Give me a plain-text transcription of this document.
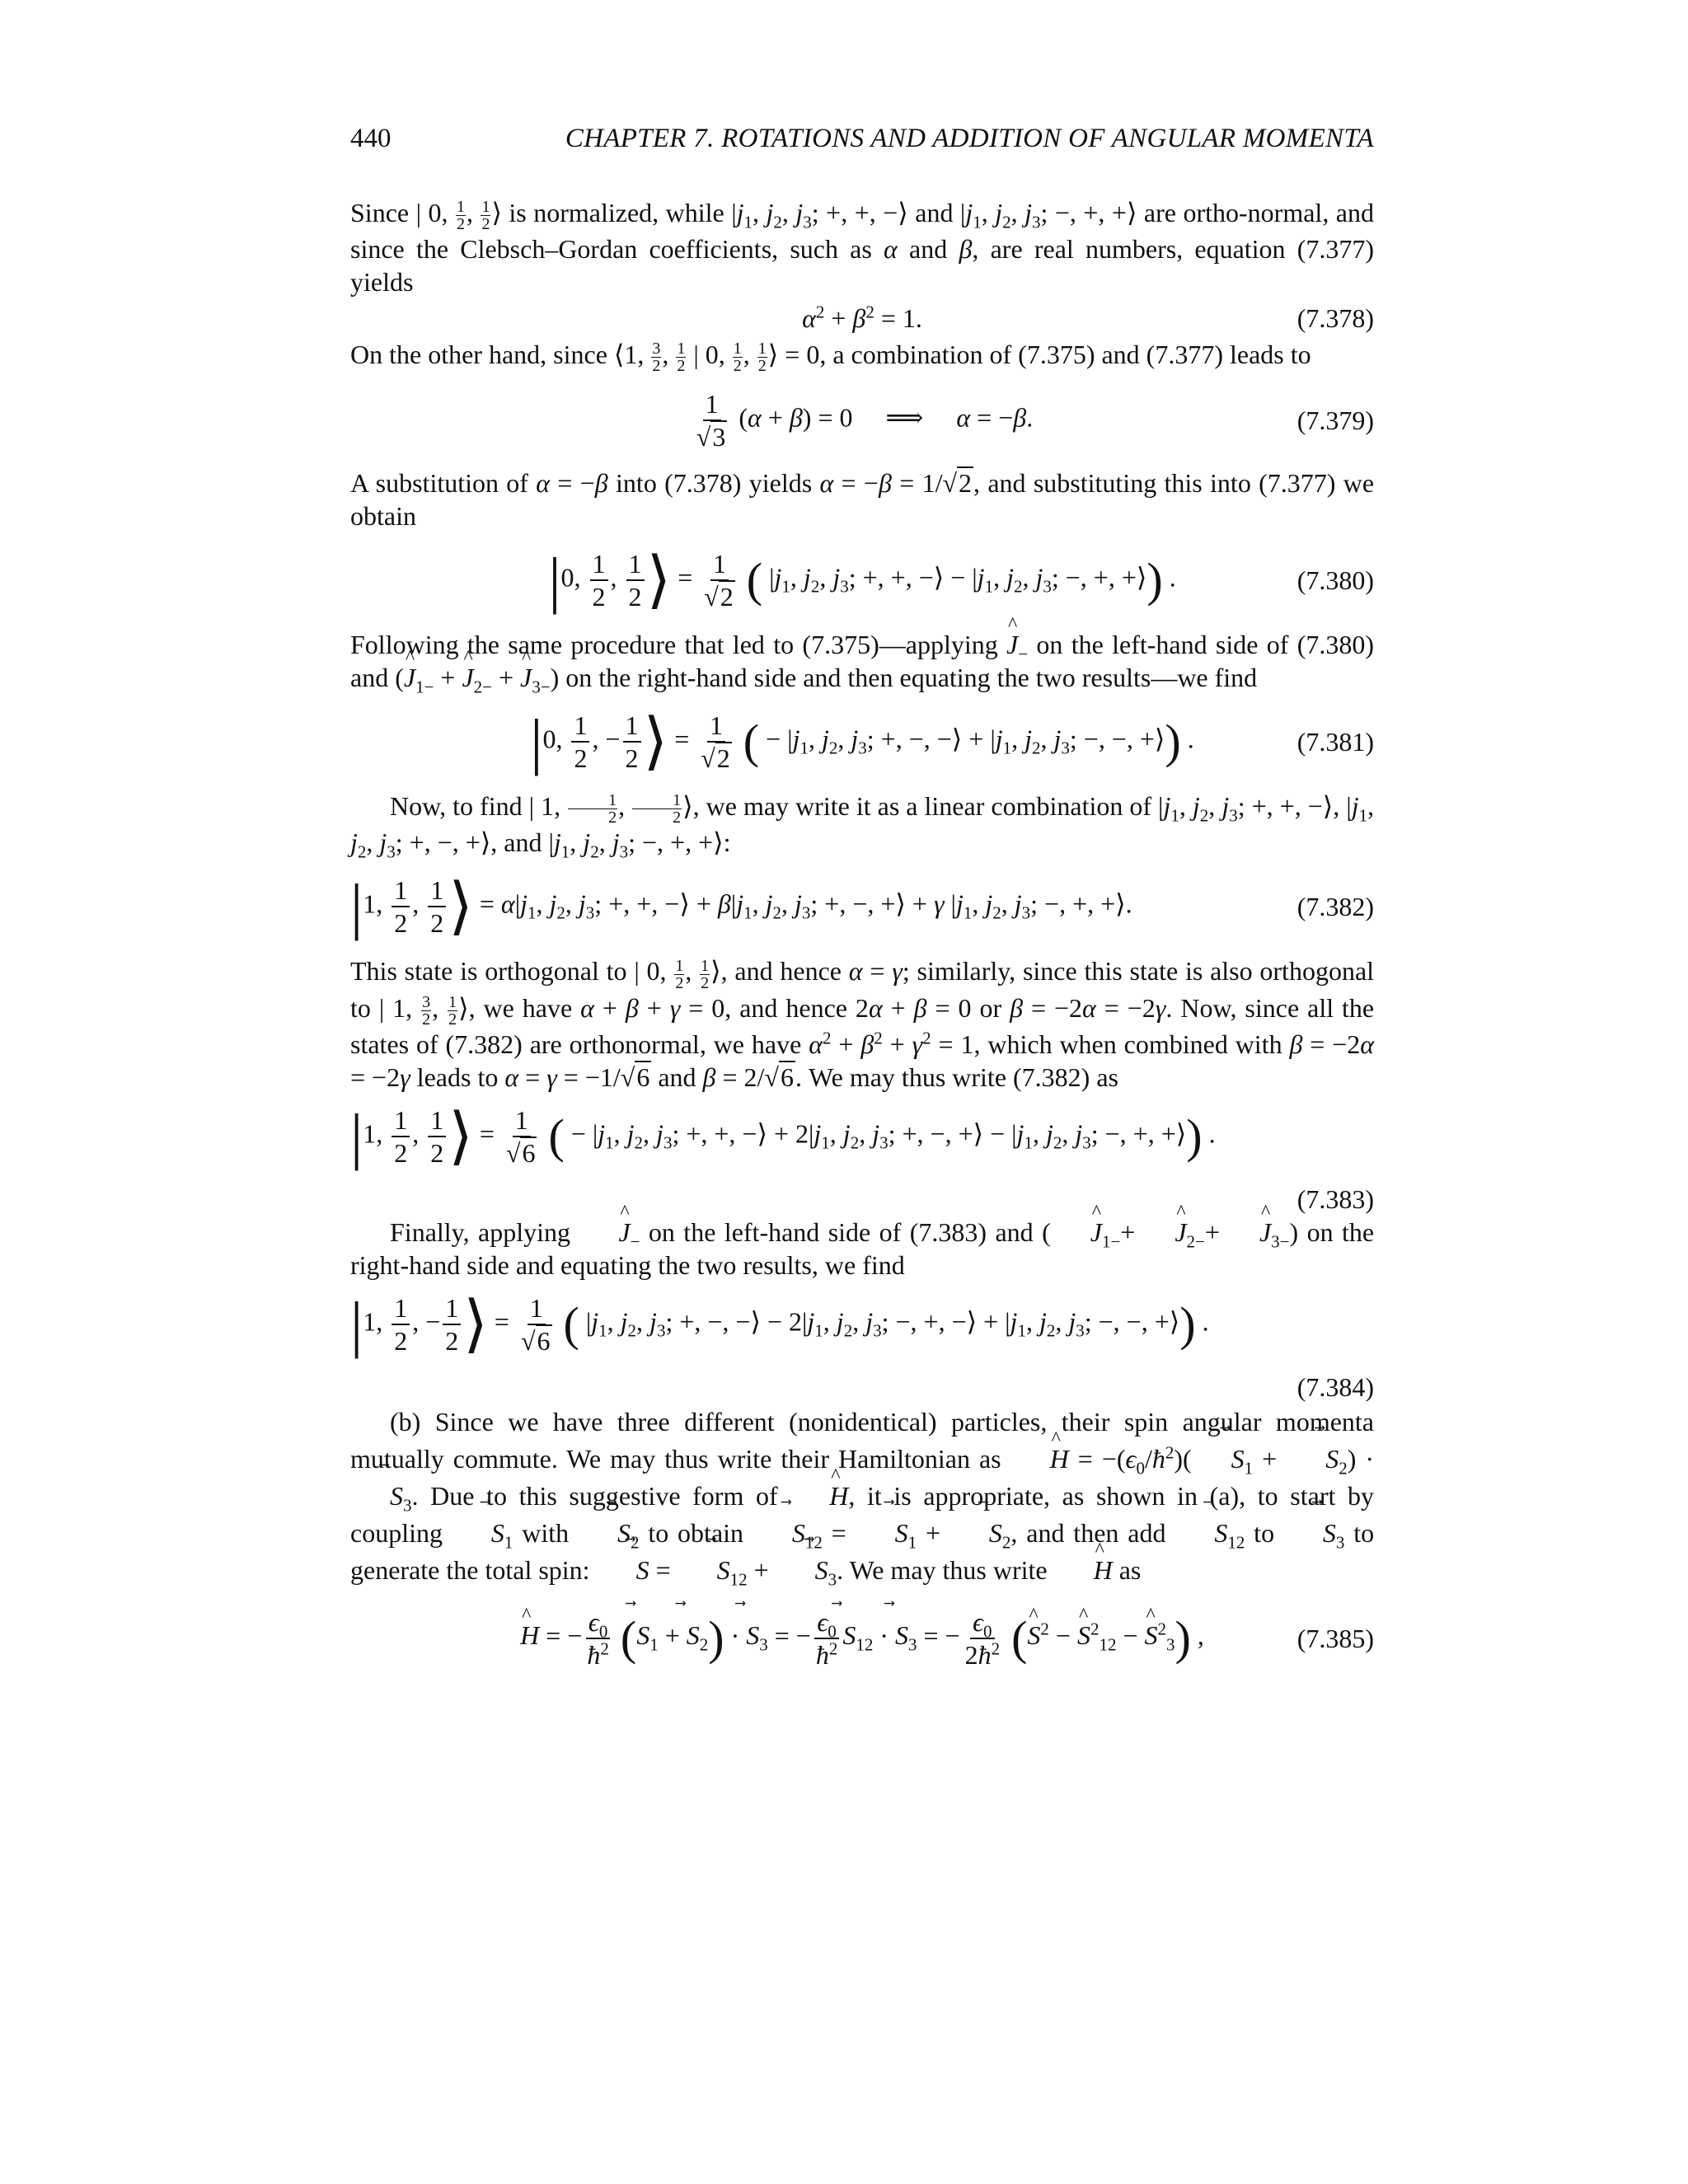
440	CHAPTER 7. ROTATIONS AND ADDITION OF ANGULAR MOMENTA

Since | 0, $\frac{1}{2}$ , $\frac{1}{2}$ ⟩ is normalized, while $|j_1$, $j_2$, $j_3$; +, +, −⟩ and $|j_1$, $j_2$, $j_3$; −, +, +⟩ are ortho-normal, and since the Clebsch–Gordan coefficients, such as α and β, are real numbers, equation (7.377) yields

$\alpha^2 + \beta^2 = 1$.	(7.378)

On the other hand, since ⟨1, $\frac{3}{2}$ , $\frac{1}{2}$ | 0, $\frac{1}{2}$ , $\frac{1}{2}$ ⟩ = 0, a combination of (7.375) and (7.377) leads to

$\frac{1}{√3} (\alpha + \beta) = 0$     ⟹     α = −β.	(7.379)

A substitution of α = −β into (7.378) yields α = −β = 1/√2, and substituting this into (7.377) we obtain

|0, $\frac{1}{2}$ , $\frac{1}{2}$ ⟩ = $\frac{1}{√2}$ ( $|j_1$, $j_2$, $j_3$; +, +, −⟩ − $|j_1$, $j_2$, $j_3$; −, +, +⟩) .	(7.380)

Following the same procedure that led to (7.375)—applying J $\^{}_-$ on the left-hand side of (7.380) and (J $\^{}_{1-} + J$ $\^{}_{2-} + J$ $\^{}_{3-}$) on the right-hand side and then equating the two results—we find

|0, $\frac{1}{2}$ , − $\frac{1}{2}$ ⟩ = $\frac{1}{√2}$ ( − $|j_1$, $j_2$, $j_3$; +, −, −⟩ + $|j_1$, $j_2$, $j_3$; −, −, +⟩) .	(7.381)

Now, to find | 1, $\frac{1}{2}$ , $\frac{1}{2}$ ⟩, we may write it as a linear combination of $|j_1$, $j_2$, $j_3$; +, +, −⟩, $|j_1$, $j_2$, $j_3$; +, −, +⟩, and $|j_1$, $j_2$, $j_3$; −, +, +⟩:

|1, $\frac{1}{2}$ , $\frac{1}{2}$ ⟩ = $\alpha|j_1$, $j_2$, $j_3$; +, +, −⟩ + $\beta|j_1$, $j_2$, $j_3$; +, −, +⟩ + γ $|j_1$, $j_2$, $j_3$; −, +, +⟩.	(7.382)

This state is orthogonal to | 0, $\frac{1}{2}$ , $\frac{1}{2}$ ⟩, and hence α = γ; similarly, since this state is also orthogonal to | 1, $\frac{3}{2}$ , $\frac{1}{2}$ ⟩, we have α + β + γ = 0, and hence 2α + β = 0 or β = −2α = −2γ. Now, since all the states of (7.382) are orthonormal, we have $\alpha^2 + \beta^2 + \gamma^2 = 1$, which when combined with β = −2α = −2γ leads to α = γ = −1/√6 and β = 2/√6. We may thus write (7.382) as

|1, $\frac{1}{2}$ , $\frac{1}{2}$ ⟩ = $\frac{1}{√6}$ ( − $|j_1$, $j_2$, $j_3$; +, +, −⟩ + $2|j_1$, $j_2$, $j_3$; +, −, +⟩ − $|j_1$, $j_2$, $j_3$; −, +, +⟩) .
(7.383)

Finally, applying J $\^{}_-$ on the left-hand side of (7.383) and ( J $\^{}_{1-}+ J$ $\^{}_{2-}+ J$ $\^{}_{3-}$) on the right-hand side and equating the two results, we find

|1, $\frac{1}{2}$ , − $\frac{1}{2}$ ⟩ = $\frac{1}{√6}$ ( $|j_1$, $j_2$, $j_3$; +, −, −⟩ − $2|j_1$, $j_2$, $j_3$; −, +, −⟩ + $|j_1$, $j_2$, $j_3$; −, −, +⟩) .
(7.384)

(b) Since we have three different (nonidentical) particles, their spin angular momenta mutually commute. We may thus write their Hamiltonian as H ^ = $-(\epsilon_0/ħ^2)$( S $⃗_1 + S$ $⃗_2) \cdot S$ $⃗_3$. Due to this suggestive form of H ^, it is appropriate, as shown in (a), to start by coupling S $⃗_1$ with S $⃗_2$ to obtain S $⃗_{12} = S$ $⃗_1 + S$ $⃗_2$, and then add S $⃗_{12}$ to S $⃗_3$ to generate the total spin: S ⃗ = S $⃗_{12} + S$ $⃗_3$. We may thus write H ^ as

H ^ = − $\frac{\epsilon_0}{ħ^2} (S$ $⃗_1 + S$ $⃗_2) \cdot S$ $⃗_3$ = − $\frac{\epsilon_0}{ħ^2}$ S $⃗_{12} \cdot S$ $⃗_3$ = − $\frac{\epsilon_0}{2ħ^2} (S$ ^$^2$ − S ^$^2_{12}$ − S ^$^2_3$) ,	(7.385)
